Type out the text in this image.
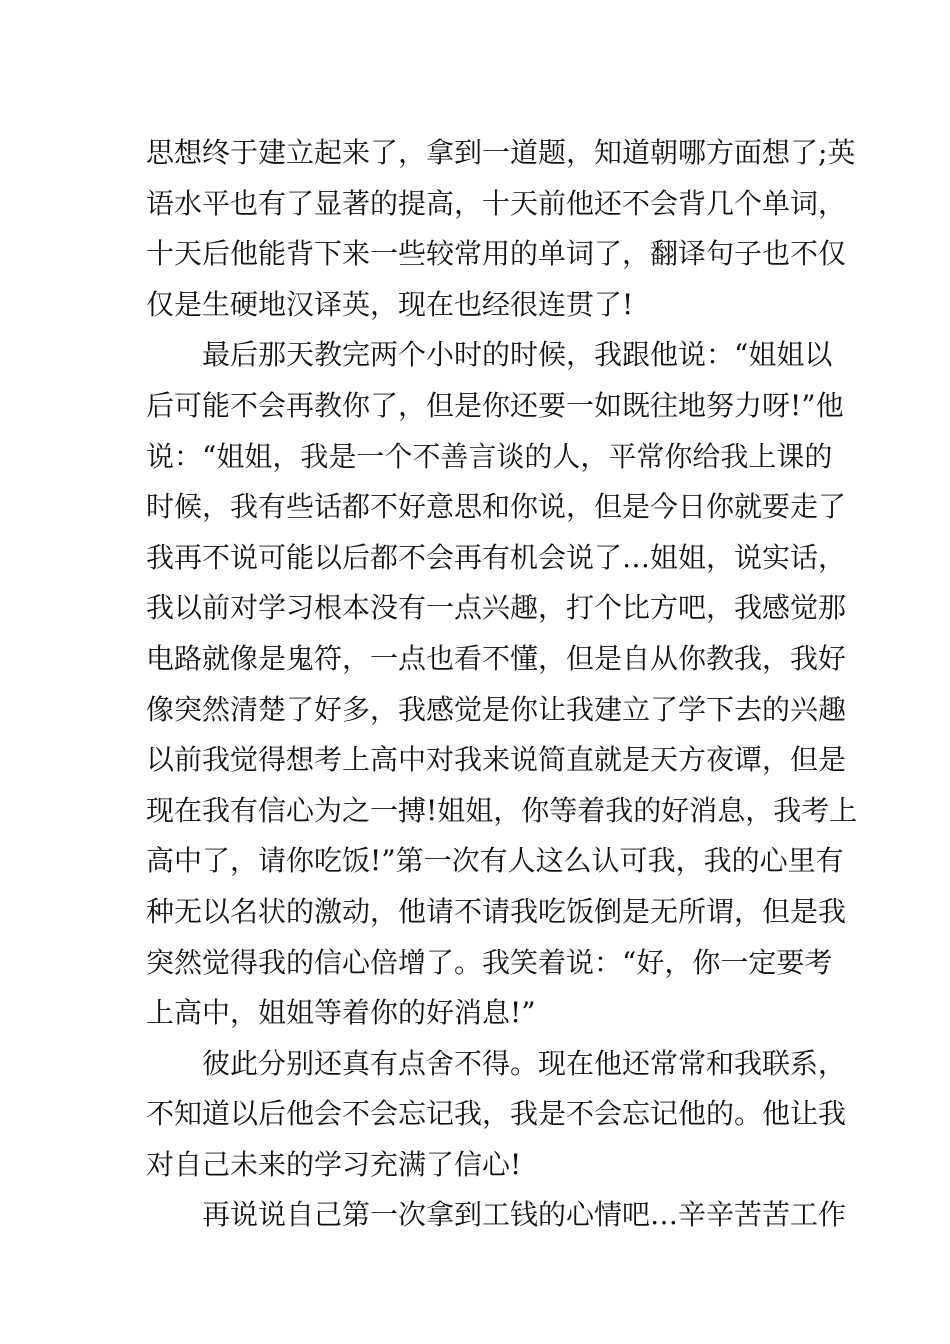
思想终于建立起来了，拿到一道题，知道朝哪方面想了;英
语水平也有了显著的提高，十天前他还不会背几个单词，
十天后他能背下来一些较常用的单词了，翻译句子也不仅
仅是生硬地汉译英，现在也经很连贯了!
最后那天教完两个小时的时候，我跟他说：“姐姐以
后可能不会再教你了，但是你还要一如既往地努力呀!”他
说：“姐姐，我是一个不善言谈的人，平常你给我上课的
时候，我有些话都不好意思和你说，但是今日你就要走了
我再不说可能以后都不会再有机会说了…姐姐，说实话，
我以前对学习根本没有一点兴趣，打个比方吧，我感觉那
电路就像是鬼符，一点也看不懂，但是自从你教我，我好
像突然清楚了好多，我感觉是你让我建立了学下去的兴趣
以前我觉得想考上高中对我来说简直就是天方夜谭，但是
现在我有信心为之一搏!姐姐，你等着我的好消息，我考上
高中了，请你吃饭!”第一次有人这么认可我，我的心里有
种无以名状的激动，他请不请我吃饭倒是无所谓，但是我
突然觉得我的信心倍增了。我笑着说：“好，你一定要考
上高中，姐姐等着你的好消息!”
彼此分别还真有点舍不得。现在他还常常和我联系，
不知道以后他会不会忘记我，我是不会忘记他的。他让我
对自己未来的学习充满了信心!
再说说自己第一次拿到工钱的心情吧…辛辛苦苦工作
